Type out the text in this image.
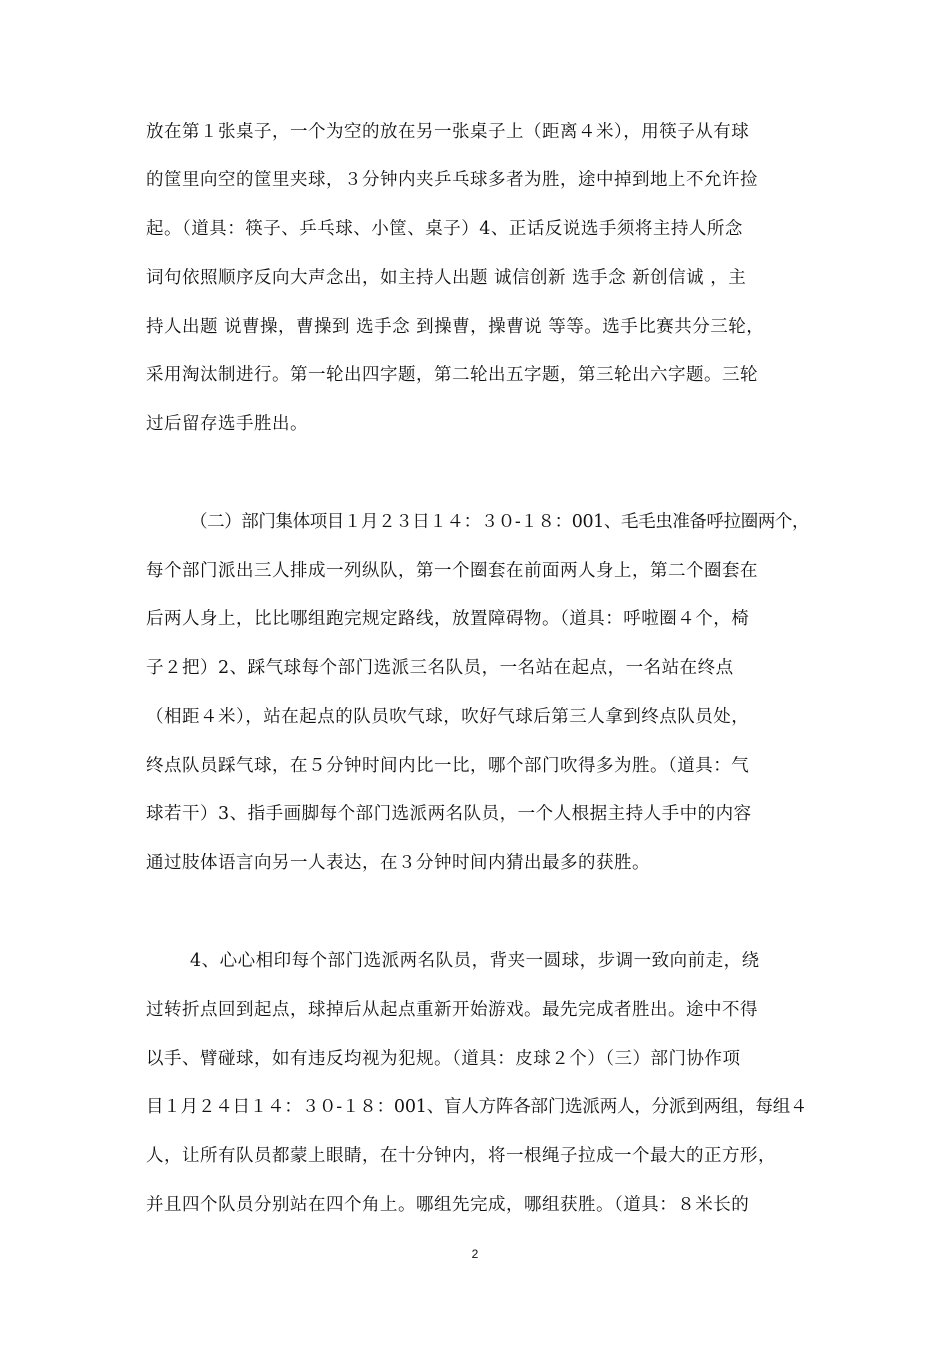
放在第１张桌子，一个为空的放在另一张桌子上（距离４米），用筷子从有球
的筐里向空的筐里夹球，３分钟内夹乒乓球多者为胜，途中掉到地上不允许捡
起。（道具：筷子、乒乓球、小筐、桌子）4、正话反说选手须将主持人所念
词句依照顺序反向大声念出，如主持人出题 诚信创新 选手念 新创信诚 ，主
持人出题 说曹操，曹操到 选手念 到操曹，操曹说 等等。选手比赛共分三轮，
采用淘汰制进行。第一轮出四字题，第二轮出五字题，第三轮出六字题。三轮
过后留存选手胜出。
（二）部门集体项目１月２３日１４：３０-１８：001、毛毛虫准备呼拉圈两个，
每个部门派出三人排成一列纵队，第一个圈套在前面两人身上，第二个圈套在
后两人身上，比比哪组跑完规定路线，放置障碍物。（道具：呼啦圈４个，椅
子２把）2、踩气球每个部门选派三名队员，一名站在起点，一名站在终点
（相距４米），站在起点的队员吹气球，吹好气球后第三人拿到终点队员处，
终点队员踩气球，在５分钟时间内比一比，哪个部门吹得多为胜。（道具：气
球若干）3、指手画脚每个部门选派两名队员，一个人根据主持人手中的内容
通过肢体语言向另一人表达，在３分钟时间内猜出最多的获胜。
4、心心相印每个部门选派两名队员，背夹一圆球，步调一致向前走，绕
过转折点回到起点，球掉后从起点重新开始游戏。最先完成者胜出。途中不得
以手、臂碰球，如有违反均视为犯规。（道具：皮球２个）（三）部门协作项
目１月２４日１４：３０-１８：001、盲人方阵各部门选派两人，分派到两组，每组４
人，让所有队员都蒙上眼睛，在十分钟内，将一根绳子拉成一个最大的正方形，
并且四个队员分别站在四个角上。哪组先完成，哪组获胜。（道具：８米长的
2
